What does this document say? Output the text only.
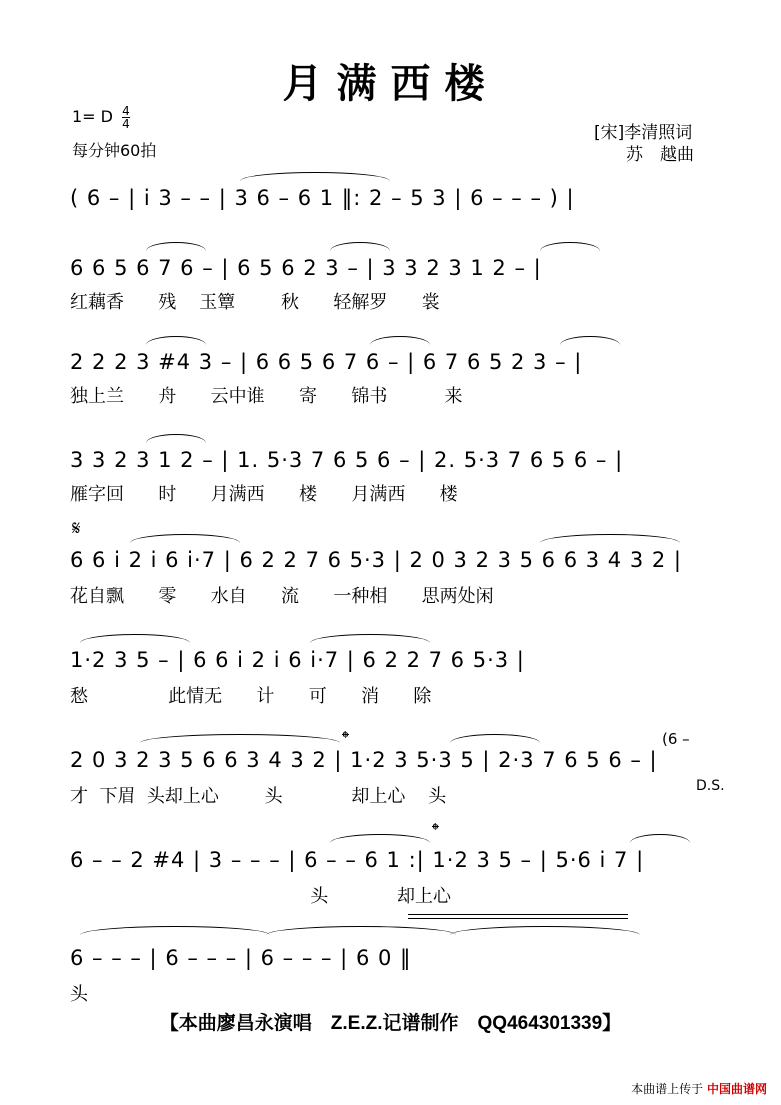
月满西楼
1= D $\frac{4}{4}$
每分钟60拍
[宋]李清照词
苏　越曲
( 6 – | i 3 – – | 3 6 – 6 1 ‖: 2 – 5 3 | 6 – – – ) |
6 6 5 6 7 6 – | 6 5 6 2 3 – | 3 3 2 3 1 2 – |
红藕香      残    玉簟        秋      轻解罗      裳
2 2 2 3 #4 3 – | 6 6 5 6 7 6 – | 6 7 6 5 2 3 – |
独上兰      舟      云中谁      寄      锦书          来
3 3 2 3 1 2 – | 1. 5·3 7 6 5 6 – | 2. 5·3 7 6 5 6 – |
雁字回      时      月满西      楼      月满西      楼
𝄋
6 6 i 2 i 6 i·7 | 6 2 2 7 6 5·3 | 2 0 3 2 3 5 6 6 3 4 3 2 |
花自飘      零      水自      流      一种相      思两处闲
1·2 3 5 – | 6 6 i 2 i 6 i·7 | 6 2 2 7 6 5·3 |
愁              此情无      计      可      消      除
𝄌	(6 –
2 0 3 2 3 5 6 6 3 4 3 2 | 1·2 3 5·3 5 | 2·3 7 6 5 6 – |
才  下眉  头却上心        头            却上心    头	D.S.
𝄌
6 – – 2 #4 | 3 – – – | 6 – – 6 1 :| 1·2 3 5 – | 5·6 i 7 |
头            却上心
6 – – – | 6 – – – | 6 – – – | 6 0 ‖
头
【本曲廖昌永演唱　Z.E.Z.记谱制作　QQ464301339】
本曲谱上传于 中国曲谱网
